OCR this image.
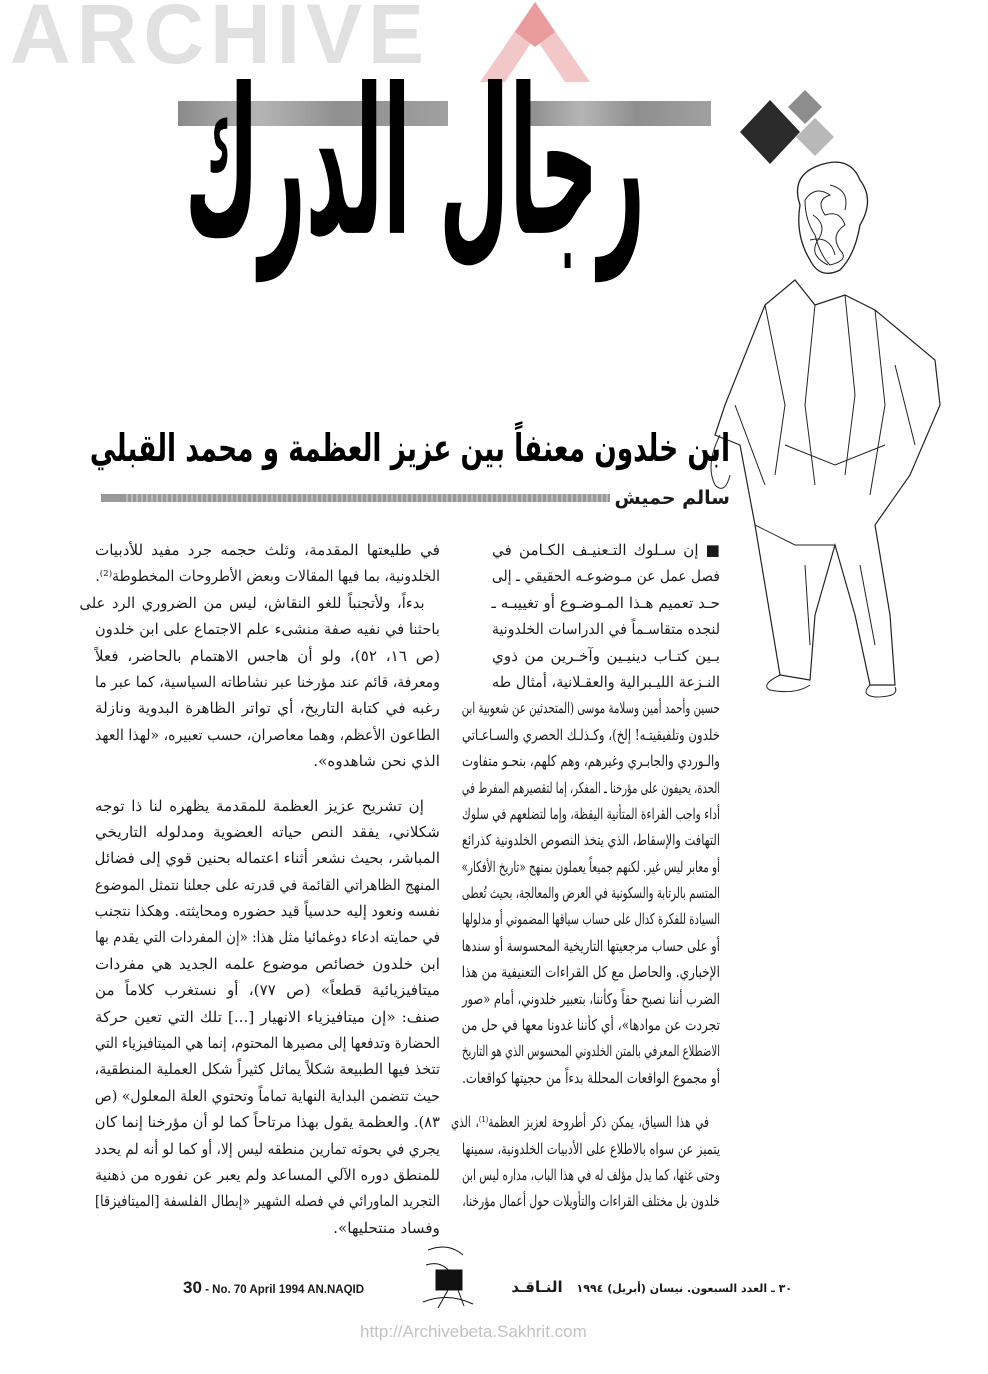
ARCHIVE
http://Archivebeta.Sakhrit.com
رجال الدرك
ابن خلدون معنفاً بين عزيز العظمة و محمد القبلي
سالم حميش
■ إن سـلوك التـعنيـف الكـامن في
فصل عمل عن مـوضوعـه الحقيقي ـ إلى
حـد تعميم هـذا المـوضـوع أو تغييبـه ـ
لنجده متقاسـماً في الدراسات الخلدونية
بـين كتـاب دينيـين وآخـرين من ذوي
النـزعة الليـبرالية والعقـلانية، أمثال طه
حسين وأحمد أمين وسلامة موسى (المتحدثين عن شعوبية ابن
خلدون وتلفيقيتـه! إلخ)، وكـذلـك الحصري والسـاعـاتي
والـوردي والجابـري وغيرهم، وهم كلهم، بنحـو متفاوت
الحدة، يحيفون على مؤرخنا ـ المفكر، إما لتقصيرهم المفرط في
أداء واجب القراءة المتأنية اليقظة، وإما لتضلعهم في سلوك
التهافت والإسقاط، الذي يتخذ النصوص الخلدونية كذرائع
أو معابر ليس غير. لكنهم جميعاً يعملون بمنهج «تاريخ الأفكار»
المتسم بالرتابة والسكونية في العرض والمعالجة، بحيث تُعطى
السيادة للفكرة كدال على حساب سياقها المضموني أو مدلولها
أو على حساب مرجعيتها التاريخية المحسوسة أو سندها
الإخباري. والحاصل مع كل القراءات التعنيفية من هذا
الضرب أننا نصبح حقاً وكأننا، بتعبير خلدوني، أمام «صور
تجردت عن موادها»، أي كأننا غدونا معها في حل من
الاضطلاع المعرفي بالمتن الخلدوني المحسوس الذي هو التاريخ
أو مجموع الواقعات المحللة بدءاً من حجيتها كواقعات.
في هذا السياق، يمكن ذكر أطروحة لعزيز العظمة⁽¹⁾، الذي
يتميز عن سواه بالاطلاع على الأدبيات الخلدونية، سمينها
وحتى غثها، كما يدل مؤلف له في هذا الباب، مداره ليس ابن
خلدون بل مختلف القراءات والتأويلات حول أعمال مؤرخنا،
في طليعتها المقدمة، وثلث حجمه جرد مفيد للأدبيات
الخلدونية، بما فيها المقالات وبعض الأطروحات المخطوطة⁽²⁾.
بدءاً، ولأتجنباً للغو النقاش، ليس من الضروري الرد على
باحثنا في نفيه صفة منشىء علم الاجتماع على ابن خلدون
(ص ١٦، ٥٢)، ولو أن هاجس الاهتمام بالحاضر، فعلاً
ومعرفة، قائم عند مؤرخنا عبر نشاطاته السياسية، كما عبر ما
رغبه في كتابة التاريخ، أي تواتر الظاهرة البدوية ونازلة
الطاعون الأعظم، وهما معاصران، حسب تعبيره، «لهذا العهد
الذي نحن شاهدوه».
إن تشريح عزيز العظمة للمقدمة يظهره لنا ذا توجه
شكلاني، يفقد النص حياته العضوية ومدلوله التاريخي
المباشر، بحيث نشعر أثناء اعتماله بحنين قوي إلى فضائل
المنهج الظاهراتي القائمة في قدرته على جعلنا نتمثل الموضوع
نفسه ونعود إليه حدسياً قيد حضوره ومحايثته. وهكذا نتجنب
في حمايته ادعاء دوغمائيا مثل هذا: «إن المفردات التي يقدم بها
ابن خلدون خصائص موضوع علمه الجديد هي مفردات
ميتافيزيائية قطعاً» (ص ٧٧)، أو نستغرب كلاماً من
صنف: «إن ميتافيزياء الانهيار [...] تلك التي تعين حركة
الحضارة وتدفعها إلى مصيرها المحتوم، إنما هي الميتافيزياء التي
تتخذ فيها الطبيعة شكلاً يماثل كثيراً شكل العملية المنطقية،
حيث تتضمن البداية النهاية تماماً وتحتوي العلة المعلول» (ص
٨٣). والعظمة يقول بهذا مرتاحاً كما لو أن مؤرخنا إنما كان
يجري في بحوثه تمارين منطقه ليس إلا، أو كما لو أنه لم يحدد
للمنطق دوره الآلي المساعد ولم يعبر عن نفوره من ذهنية
التجريد الماورائي في فصله الشهير «إبطال الفلسفة [الميتافيزقا]
وفساد منتحليها».
30 - No. 70 April 1994 AN.NAQID	٣٠ ـ العدد السبعون. نيسان (أبريل) ١٩٩٤ النـاقـد
